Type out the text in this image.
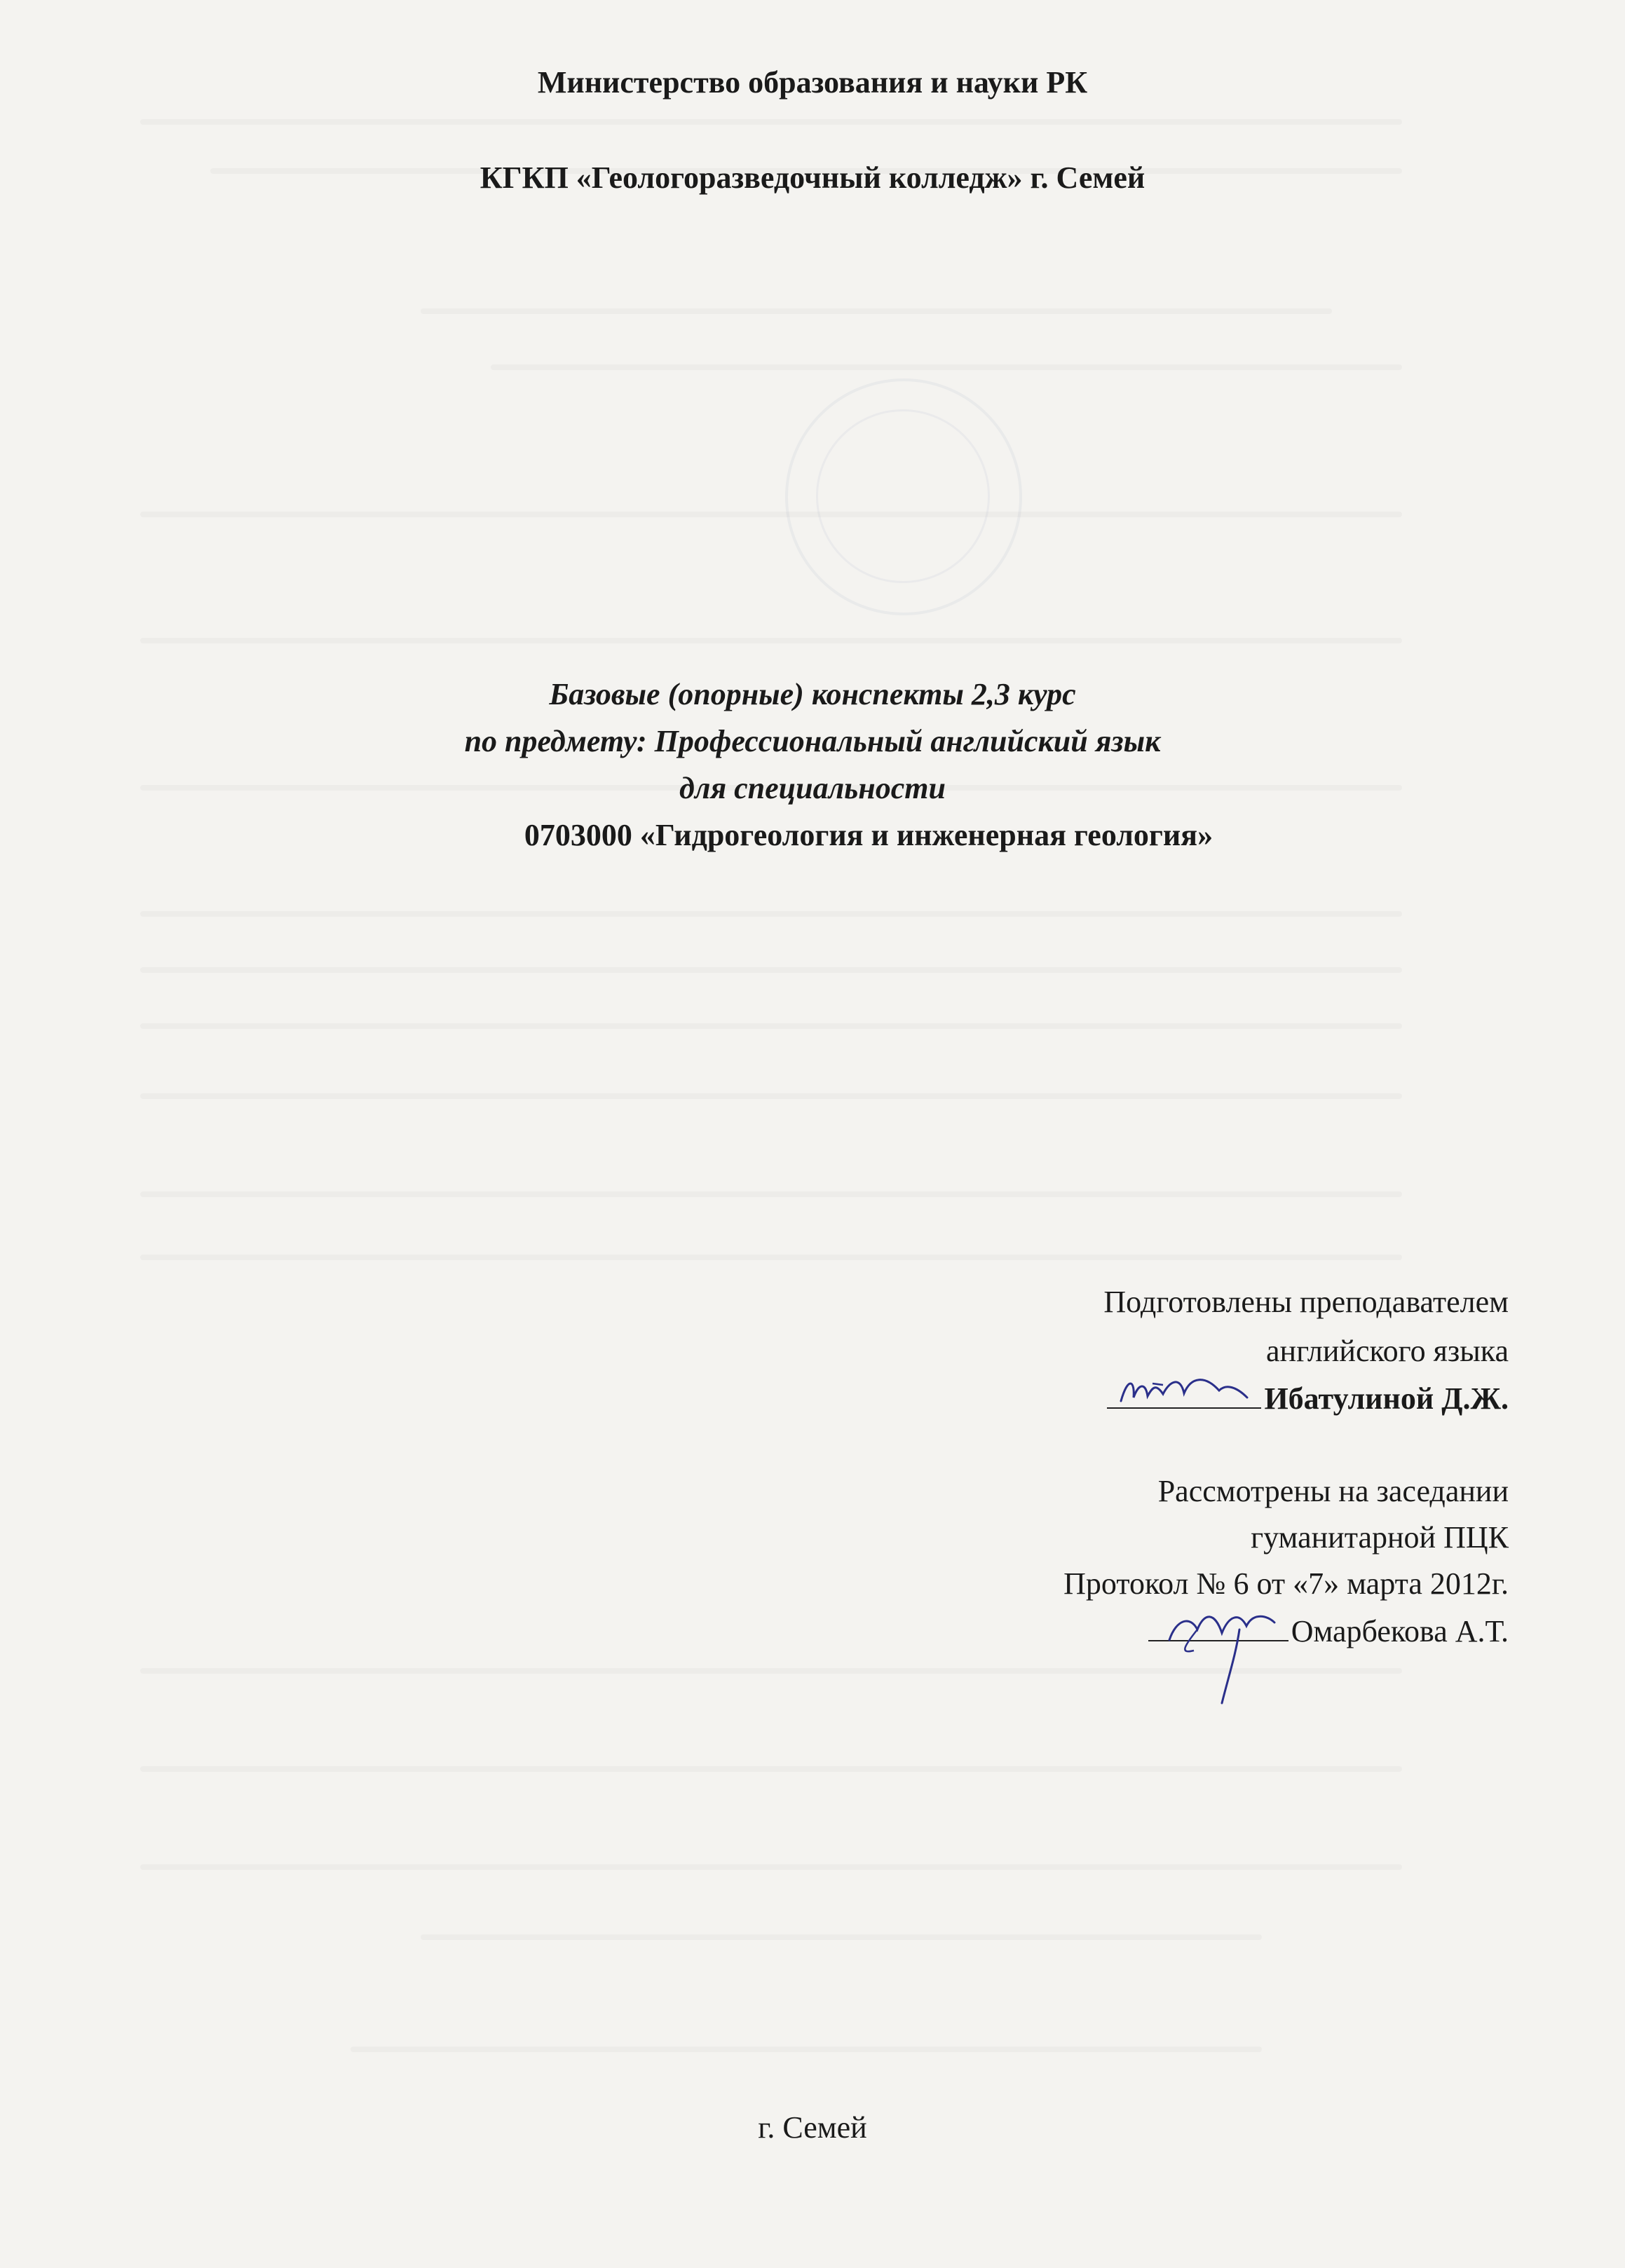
Министерство образования и науки РК
КГКП «Геологоразведочный колледж» г. Семей
Базовые (опорные) конспекты 2,3 курс
по предмету: Профессиональный английский язык
для специальности
0703000 «Гидрогеология и инженерная геология»
Подготовлены преподавателем
английского языка
Ибатулиной Д.Ж.
Рассмотрены на заседании
гуманитарной ПЦК
Протокол № 6 от «7» марта 2012г.
Омарбекова А.Т.
г. Семей
